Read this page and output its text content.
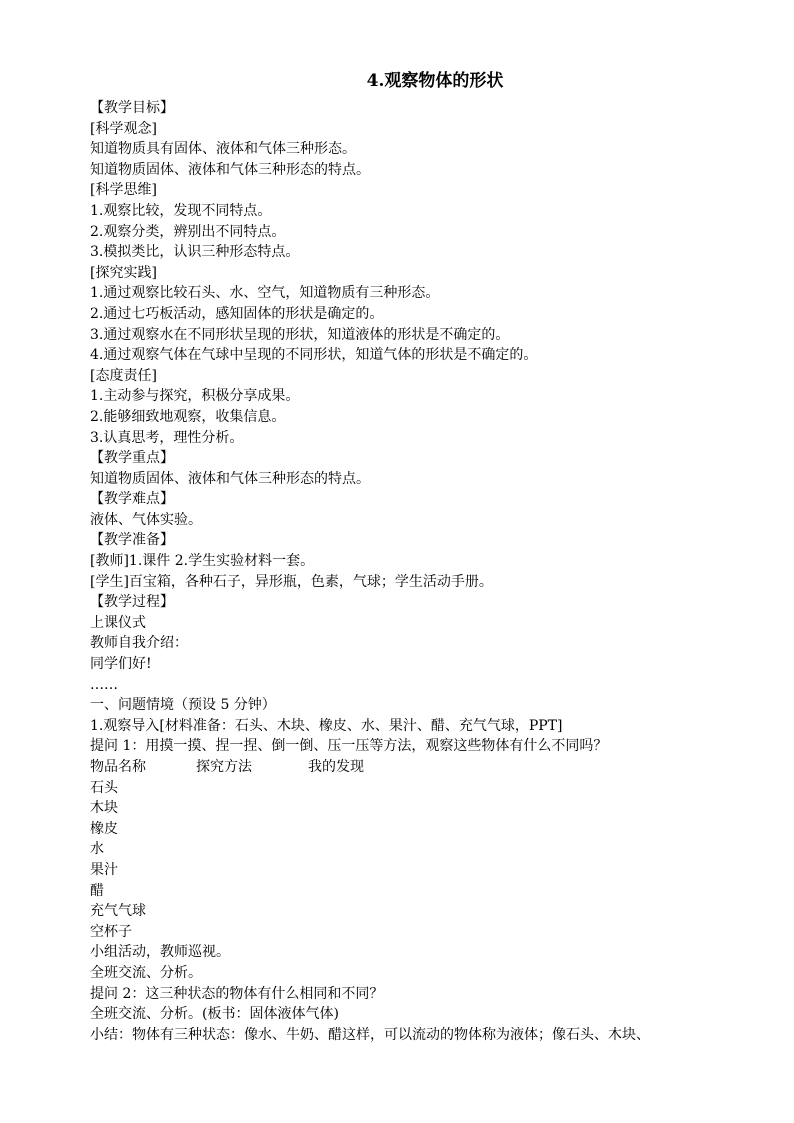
4.观察物体的形状
【教学目标】
[科学观念]
知道物质具有固体、液体和气体三种形态。
知道物质固体、液体和气体三种形态的特点。
[科学思维]
1.观察比较，发现不同特点。
2.观察分类，辨别出不同特点。
3.模拟类比，认识三种形态特点。
[探究实践]
1.通过观察比较石头、水、空气，知道物质有三种形态。
2.通过七巧板活动，感知固体的形状是确定的。
3.通过观察水在不同形状呈现的形状，知道液体的形状是不确定的。
4.通过观察气体在气球中呈现的不同形状，知道气体的形状是不确定的。
[态度责任]
1.主动参与探究，积极分享成果。
2.能够细致地观察，收集信息。
3.认真思考，理性分析。
【教学重点】
知道物质固体、液体和气体三种形态的特点。
【教学难点】
液体、气体实验。
【教学准备】
[教师]1.课件 2.学生实验材料一套。
[学生]百宝箱，各种石子，异形瓶，色素，气球；学生活动手册。
【教学过程】
上课仪式
教师自我介绍：
同学们好!
……
一、问题情境（预设 5 分钟）
1.观察导入[材料准备：石头、木块、橡皮、水、果汁、醋、充气气球，PPT]
提问 1：用摸一摸、捏一捏、倒一倒、压一压等方法，观察这些物体有什么不同吗？
物品名称	探究方法	我的发现
石头
木块
橡皮
水
果汁
醋
充气气球
空杯子
小组活动，教师巡视。
全班交流、分析。
提问 2：这三种状态的物体有什么相同和不同？
全班交流、分析。(板书：固体液体气体)
小结：物体有三种状态：像水、牛奶、醋这样，可以流动的物体称为液体；像石头、木块、
